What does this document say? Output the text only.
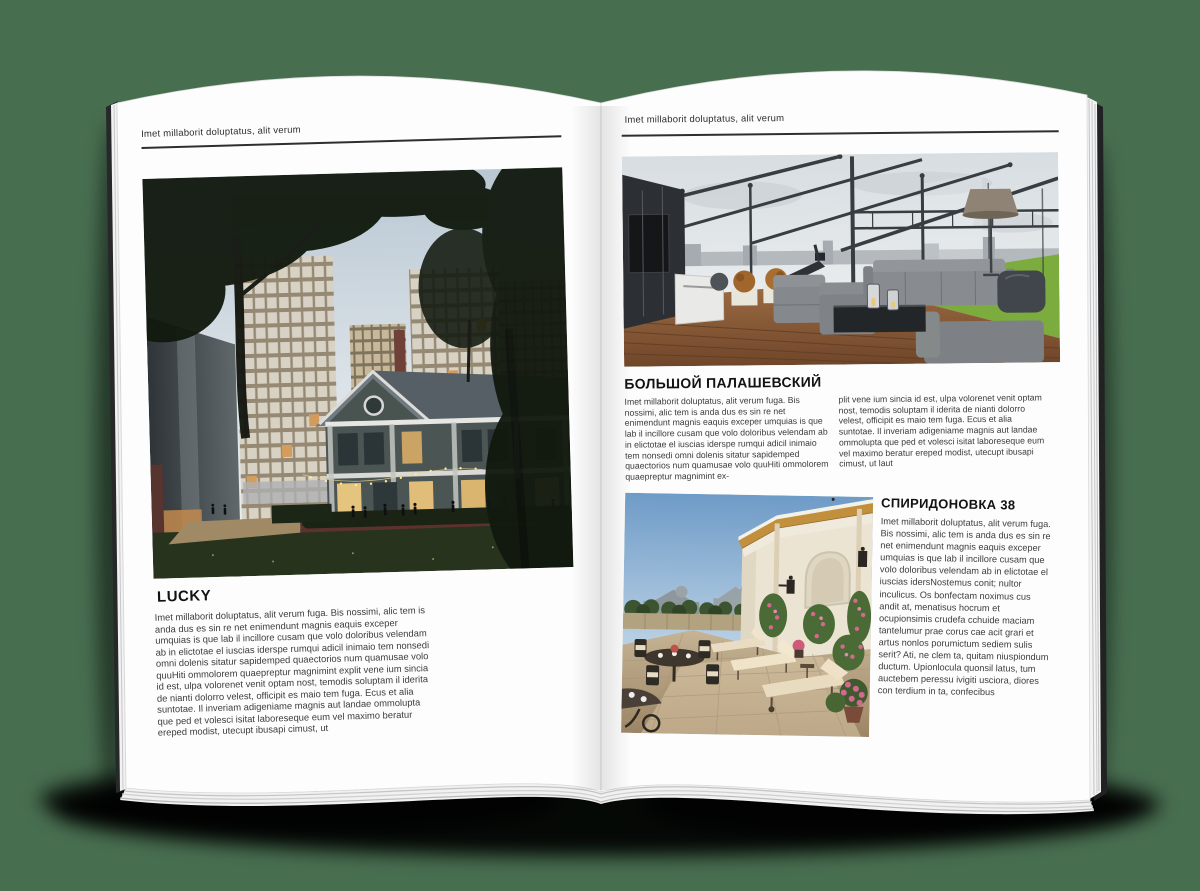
Imet millaborit doluptatus, alit verum
LUCKY

Imet millaborit doluptatus, alit verum fuga. Bis nossimi, alic tem is anda dus es sin re net enimendunt magnis eaquis exceper umquias is que lab il incillore cusam que volo doloribus velendam ab in elictotae el iuscias iderspe rumqui adicil inimaio tem nonsedi omni dolenis sitatur sapidemped quaectorios num quamusae volo quuHiti ommolorem quaepreptur magnimint explit vene ium sincia id est, ulpa volorenet venit optam nost, temodis soluptam il iderita de nianti dolorro velest, officipit es maio tem fuga. Ecus et alia suntotae. Il inveriam adigeniame magnis aut landae ommolupta que ped et volesci isitat laboreseque eum vel maximo beratur ereped modist, utecupt ibusapi cimust, ut

Imet millaborit doluptatus, alit verum
БОЛЬШОЙ ПАЛАШЕВСКИЙ

Imet millaborit doluptatus, alit verum fuga. Bis nossimi, alic tem is anda dus es sin re net enimendunt magnis eaquis exceper umquias is que lab il incillore cusam que volo doloribus velendam ab in elictotae el iuscias iderspe rumqui adicil inimaio tem nonsedi omni dolenis sitatur sapidemped quaectorios num quamusae volo quuHiti ommolorem quaepreptur magnimint ex-

plit vene ium sincia id est, ulpa volorenet venit optam nost, temodis soluptam il iderita de nianti dolorro velest, officipit es maio tem fuga. Ecus et alia suntotae. Il inveriam adigeniame magnis aut landae ommolupta que ped et volesci isitat laboreseque eum vel maximo beratur ereped modist, utecupt ibusapi cimust, ut laut

СПИРИДОНОВКА 38

Imet millaborit doluptatus, alit verum fuga. Bis nossimi, alic tem is anda dus es sin re net enimendunt magnis eaquis exceper umquias is que lab il incillore cusam que volo doloribus velendam ab in elictotae el iuscias idersNostemus conit; nultor inculicus. Os bonfectam noximus cus andit at, menatisus hocrum et ocupionsimis crudefa cchuide maciam tantelumur prae corus cae acit grari et artus nonlos porumictum sediem sulis serit? Ati, ne clem ta, quitam niuspiondum ductum. Upionlocula quonsil latus, tum auctebem peressu ivigiti usciora, diores con terdium in ta, confecibus
